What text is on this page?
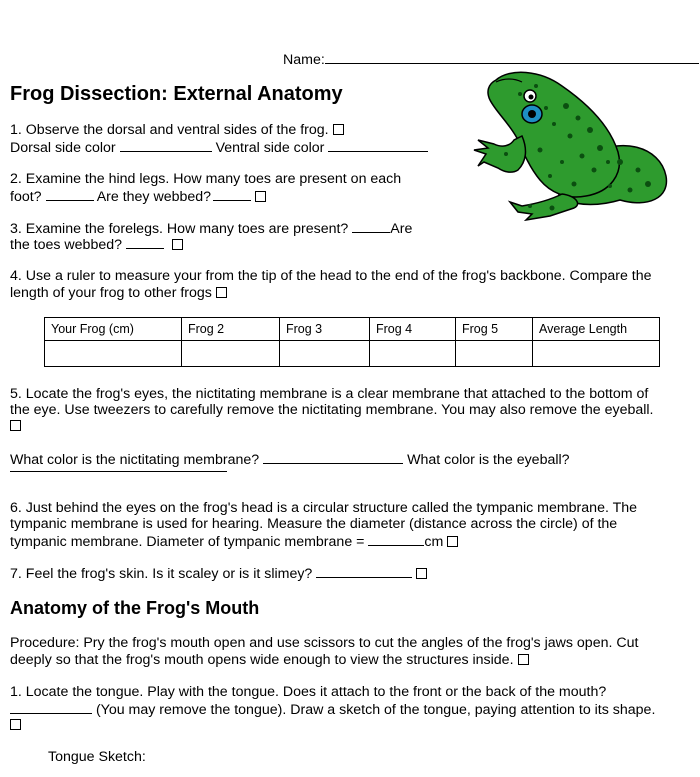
Name:
Frog Dissection: External Anatomy
1. Observe the dorsal and ventral sides of the frog.
Dorsal side color	Ventral side color
2. Examine the hind legs. How many toes are present on each
foot?	Are they webbed?
3. Examine the forelegs. How many toes are present?	Are
the toes webbed?
4. Use a ruler to measure your from the tip of the head to the end of the frog's backbone. Compare the
length of your frog to other frogs
Your Frog (cm)	Frog 2	Frog 3	Frog 4	Frog 5	Average Length

5. Locate the frog's eyes, the nictitating membrane is a clear membrane that attached to the bottom of
the eye. Use tweezers to carefully remove the nictitating membrane. You may also remove the eyeball.
What color is the nictitating membrane?	What color is the eyeball?
6. Just behind the eyes on the frog's head is a circular structure called the tympanic membrane. The
tympanic membrane is used for hearing. Measure the diameter (distance across the circle) of the
tympanic membrane. Diameter of tympanic membrane =	cm
7. Feel the frog's skin. Is it scaley or is it slimey?
Anatomy of the Frog's Mouth
Procedure: Pry the frog's mouth open and use scissors to cut the angles of the frog's jaws open. Cut
deeply so that the frog's mouth opens wide enough to view the structures inside.
1. Locate the tongue. Play with the tongue. Does it attach to the front or the back of the mouth?
(You may remove the tongue). Draw a sketch of the tongue, paying attention to its shape.
Tongue Sketch:
